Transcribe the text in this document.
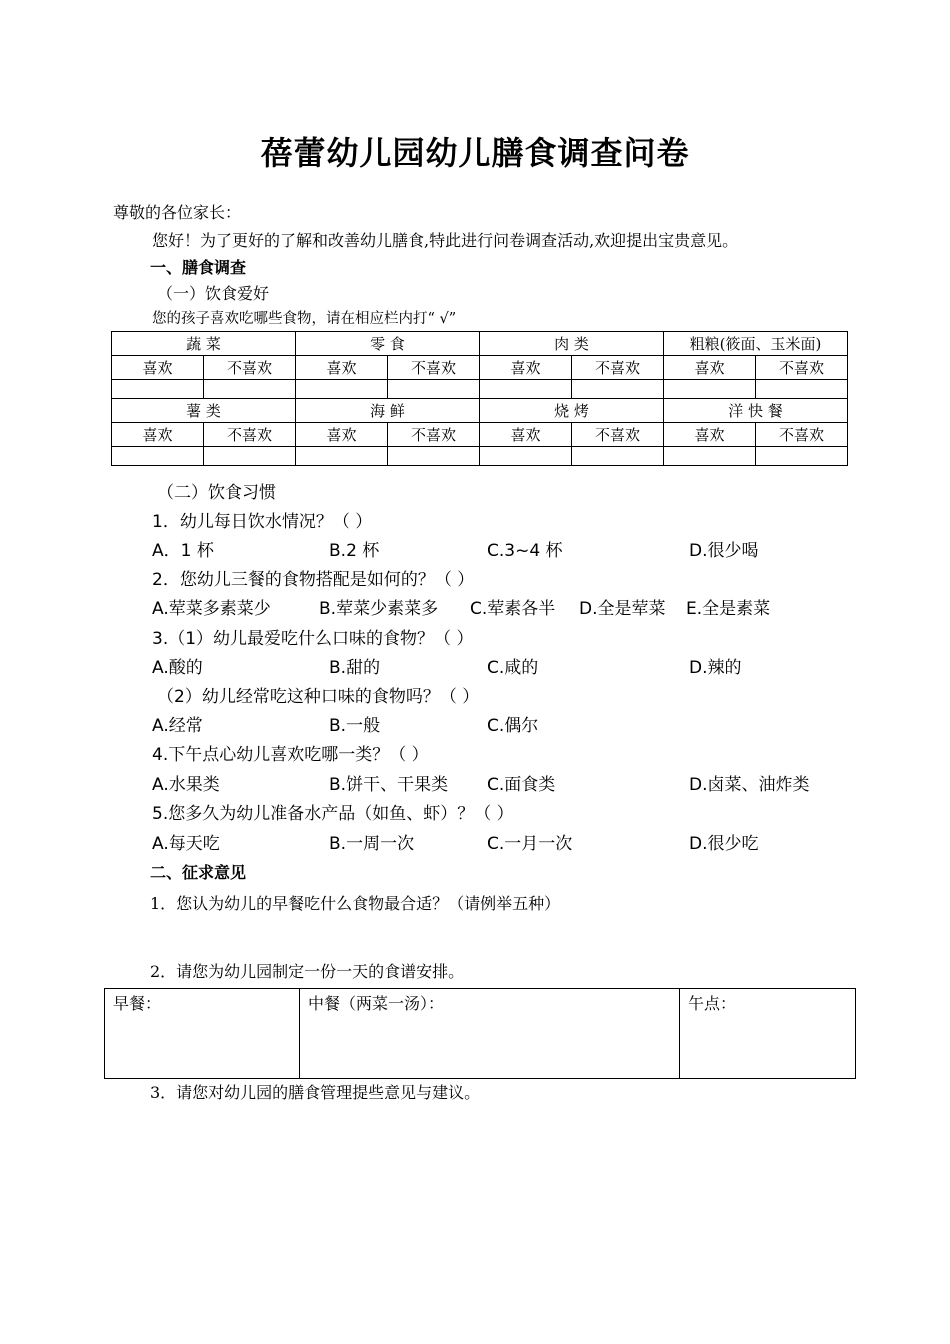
蓓蕾幼儿园幼儿膳食调查问卷
尊敬的各位家长：
您好！为了更好的了解和改善幼儿膳食,特此进行问卷调查活动,欢迎提出宝贵意见。
一、膳食调查
（一）饮食爱好
您的孩子喜欢吃哪些食物，请在相应栏内打“ √”
蔬 菜		零 食		肉 类		粗粮(筱面、玉米面)	
喜欢	不喜欢	喜欢	不喜欢	喜欢	不喜欢	喜欢	不喜欢

薯 类		海 鲜		烧 烤		洋 快 餐	
喜欢	不喜欢	喜欢	不喜欢	喜欢	不喜欢	喜欢	不喜欢

（二）饮食习惯
1．幼儿每日饮水情况？（ ）
A．1 杯	B.2 杯	C.3~4 杯	D.很少喝
2．您幼儿三餐的食物搭配是如何的？（ ）
A.荤菜多素菜少	B.荤菜少素菜多 C.荤素各半 D.全是荤菜 E.全是素菜
3.（1）幼儿最爱吃什么口味的食物？（ ）
A.酸的	B.甜的	C.咸的	D.辣的
（2）幼儿经常吃这种口味的食物吗？（ ）
A.经常	B.一般	C.偶尔
4.下午点心幼儿喜欢吃哪一类？（ ）
A.水果类	B.饼干、干果类 C.面食类	D.卤菜、油炸类
5.您多久为幼儿准备水产品（如鱼、虾）？（ ）
A.每天吃	B.一周一次	C.一月一次	D.很少吃
二、征求意见
1．您认为幼儿的早餐吃什么食物最合适？（请例举五种）
2．请您为幼儿园制定一份一天的食谱安排。
早餐：	中餐（两菜一汤）：	午点：
3．请您对幼儿园的膳食管理提些意见与建议。
